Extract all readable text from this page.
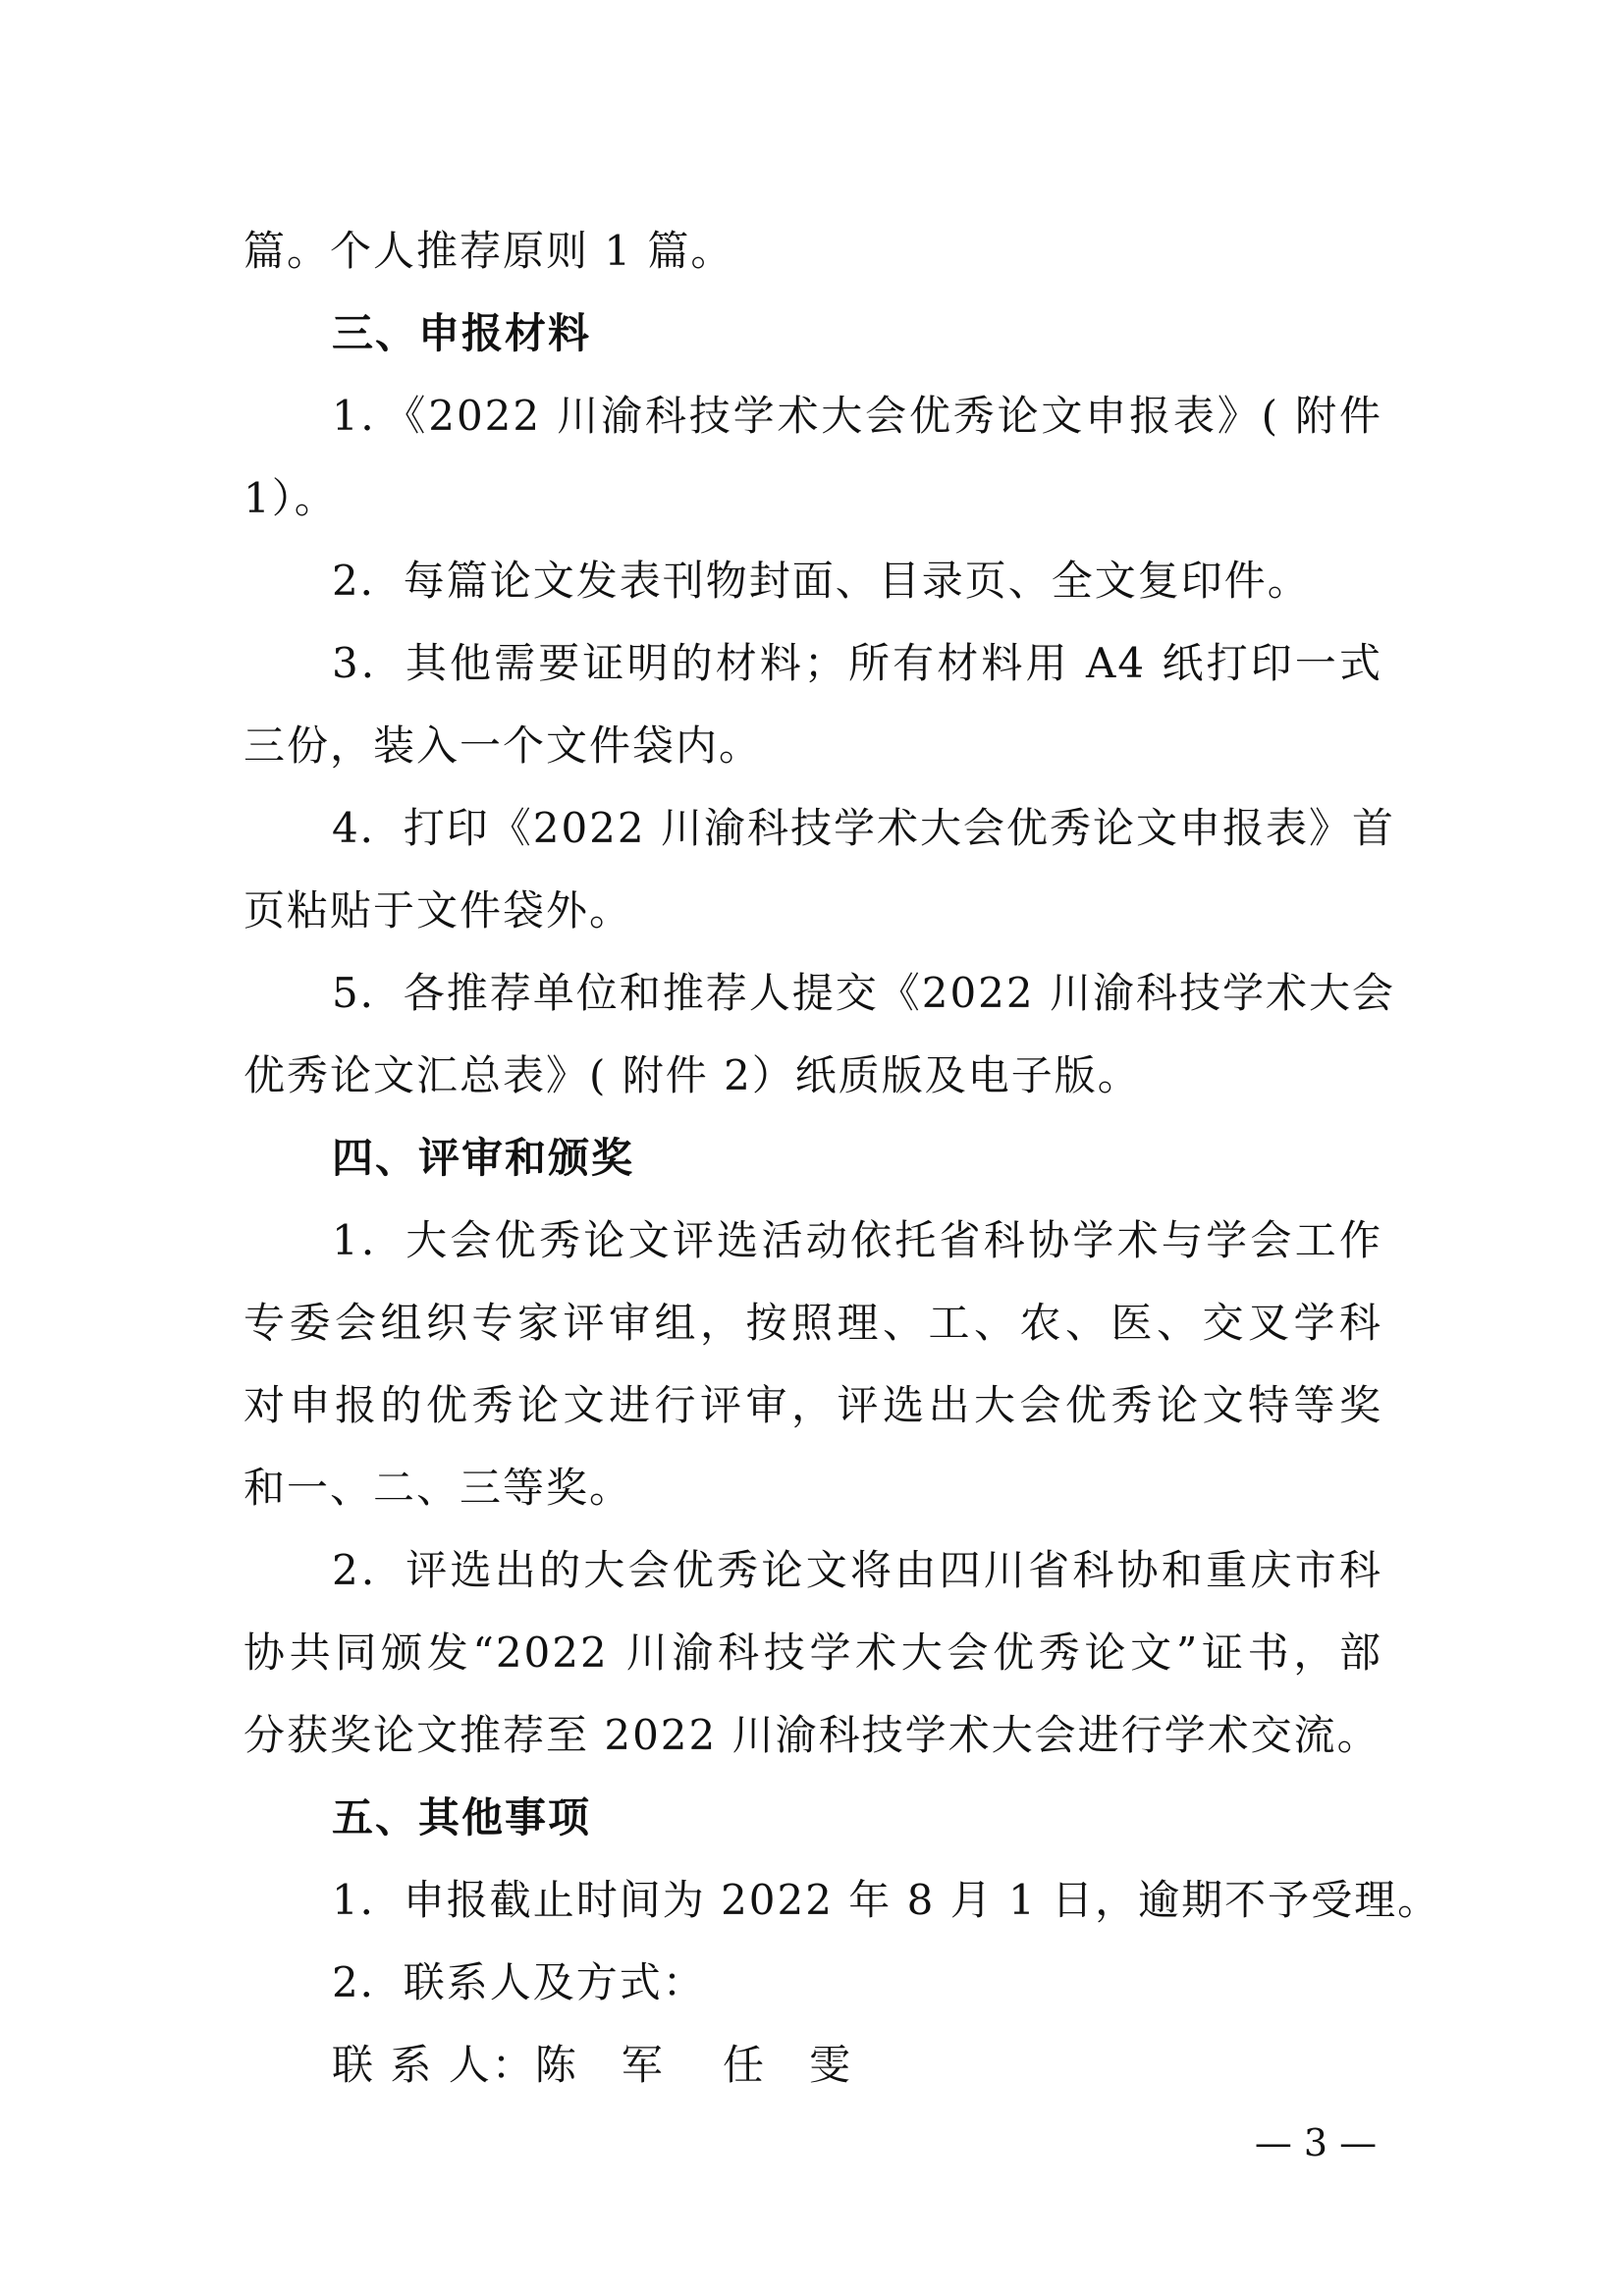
篇。个人推荐原则 1 篇。
三、申报材料
1．《2022 川渝科技学术大会优秀论文申报表》( 附件
1）。
2．每篇论文发表刊物封面、目录页、全文复印件。
3．其他需要证明的材料；所有材料用 A4 纸打印一式
三份，装入一个文件袋内。
4．打印《2022 川渝科技学术大会优秀论文申报表》首
页粘贴于文件袋外。
5．各推荐单位和推荐人提交《2022 川渝科技学术大会
优秀论文汇总表》( 附件 2）纸质版及电子版。
四、评审和颁奖
1．大会优秀论文评选活动依托省科协学术与学会工作
专委会组织专家评审组，按照理、工、农、医、交叉学科
对申报的优秀论文进行评审，评选出大会优秀论文特等奖
和一、二、三等奖。
2．评选出的大会优秀论文将由四川省科协和重庆市科
协共同颁发“2022 川渝科技学术大会优秀论文”证书，部
分获奖论文推荐至 2022 川渝科技学术大会进行学术交流。
五、其他事项
1．申报截止时间为 2022 年 8 月 1 日，逾期不予受理。
2．联系人及方式：
联 系 人：陈　军　 任　雯
— 3 —
